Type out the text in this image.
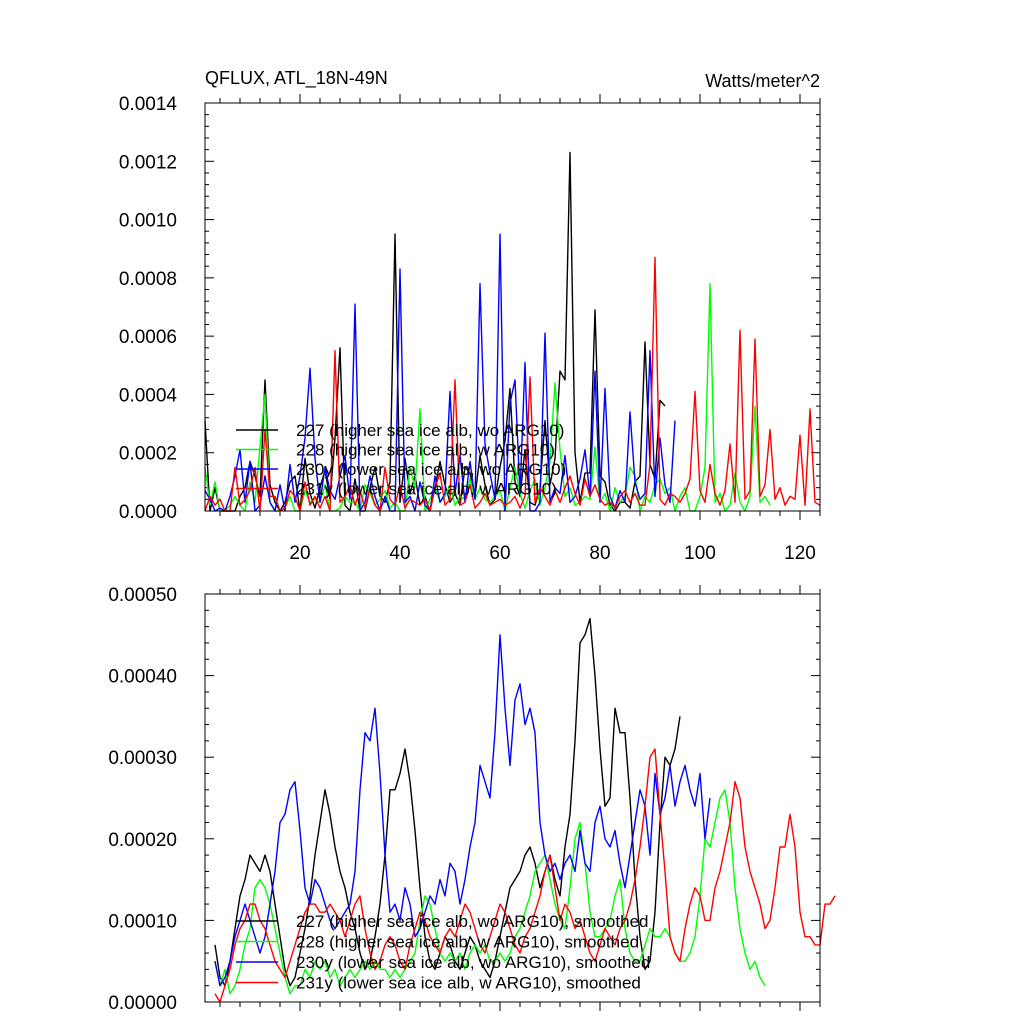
QFLUX, ATL_18N-49N	Watts/meter^2
0.0000
0.0002
0.0004
0.0006
0.0008
0.0010
0.0012
0.0014
20	40	60	80	100	120
227 (higher sea ice alb, wo ARG10)
228 (higher sea ice alb, w ARG10)
230y (lower sea ice alb, wo ARG10)
231y (lower sea ice alb, w ARG10)
0.00000
0.00010
0.00020
0.00030
0.00040
0.00050
227 (higher sea ice alb, wo ARG10), smoothed
228 (higher sea ice alb, w ARG10), smoothed
230y (lower sea ice alb, wo ARG10), smoothed
231y (lower sea ice alb, w ARG10), smoothed
